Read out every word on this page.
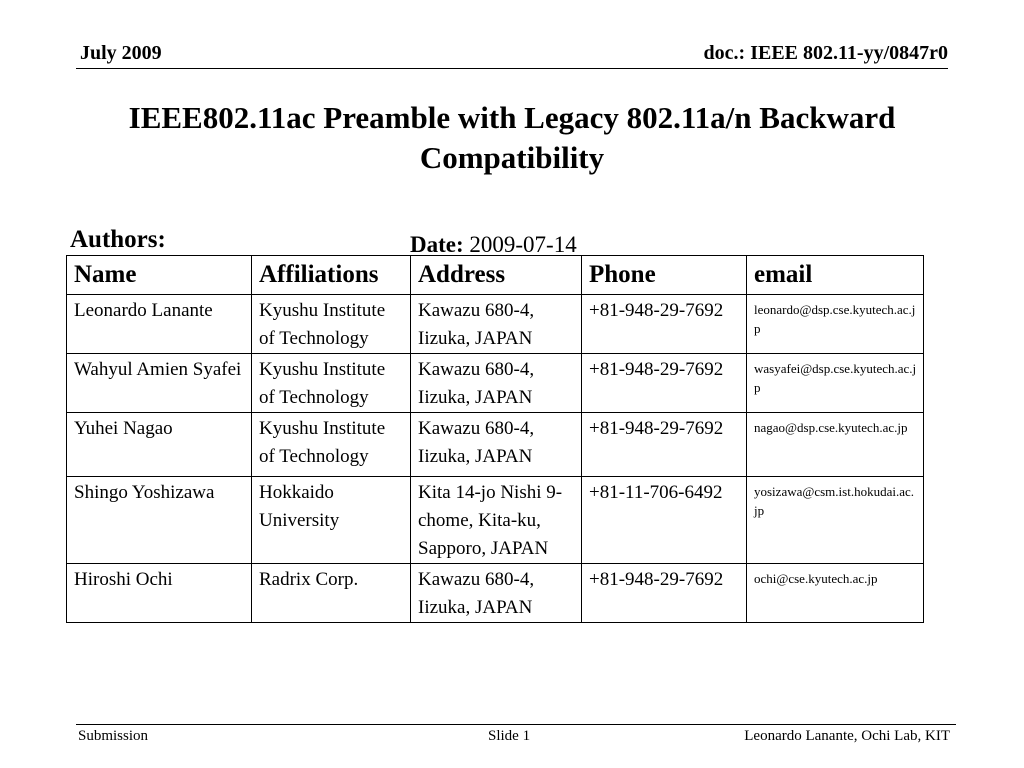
July 2009	doc.: IEEE 802.11-yy/0847r0
IEEE802.11ac Preamble with Legacy 802.11a/n Backward Compatibility
Authors:	Date: 2009-07-14
Name	Affiliations	Address	Phone	email
Leonardo Lanante	Kyushu Institute of Technology	Kawazu 680-4, Iizuka, JAPAN	+81-948-29-7692	leonardo@dsp.cse.kyutech.ac.jp
Wahyul Amien Syafei	Kyushu Institute of Technology	Kawazu 680-4, Iizuka, JAPAN	+81-948-29-7692	wasyafei@dsp.cse.kyutech.ac.jp
Yuhei Nagao	Kyushu Institute of Technology	Kawazu 680-4, Iizuka, JAPAN	+81-948-29-7692	nagao@dsp.cse.kyutech.ac.jp
Shingo Yoshizawa	Hokkaido University	Kita 14-jo Nishi 9-chome, Kita-ku, Sapporo, JAPAN	+81-11-706-6492	yosizawa@csm.ist.hokudai.ac.jp
Hiroshi Ochi	Radrix Corp.	Kawazu 680-4, Iizuka, JAPAN	+81-948-29-7692	ochi@cse.kyutech.ac.jp
Submission	Slide 1	Leonardo Lanante, Ochi Lab, KIT
